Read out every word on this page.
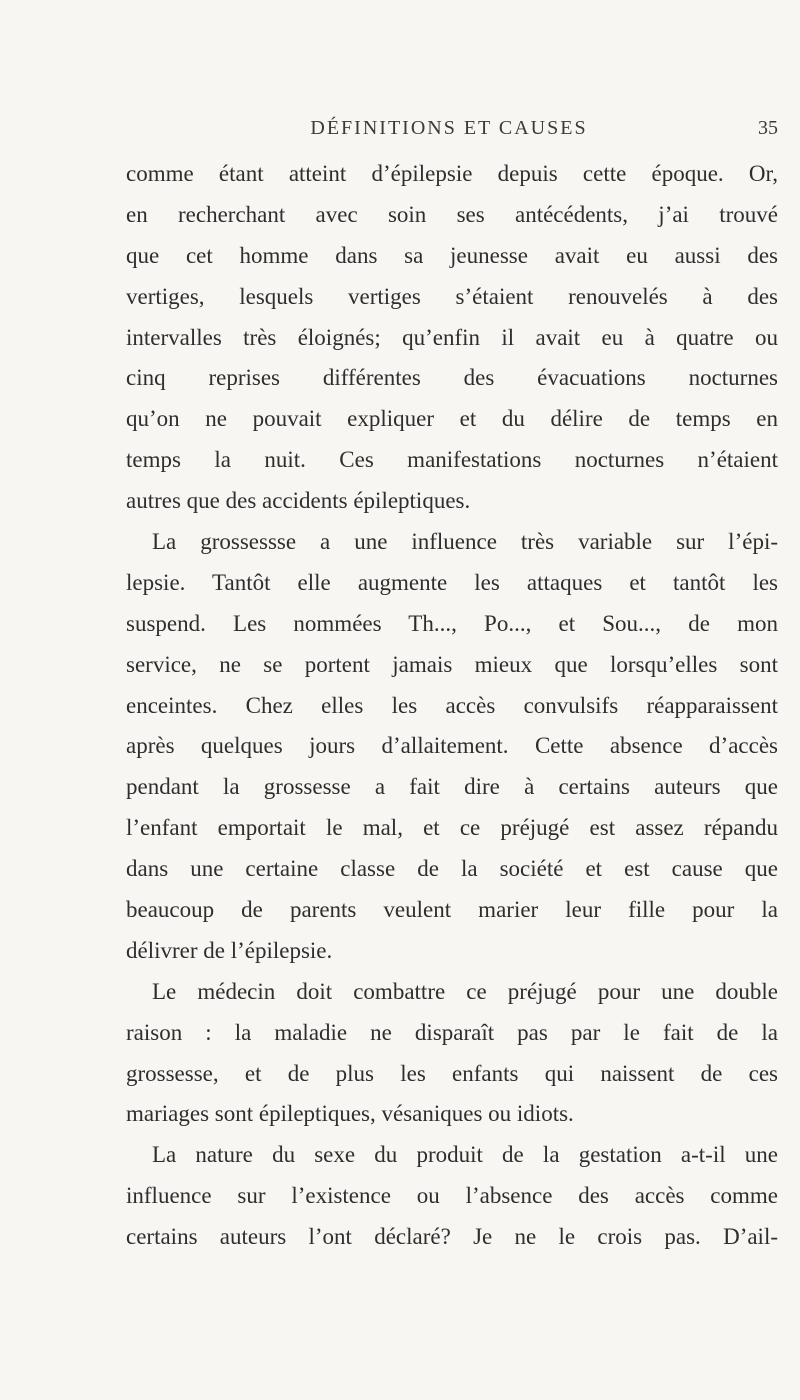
DÉFINITIONS ET CAUSES	35
comme étant atteint d’épilepsie depuis cette époque. Or,
en recherchant avec soin ses antécédents, j’ai trouvé
que cet homme dans sa jeunesse avait eu aussi des
vertiges, lesquels vertiges s’étaient renouvelés à des
intervalles très éloignés; qu’enfin il avait eu à quatre ou
cinq reprises différentes des évacuations nocturnes
qu’on ne pouvait expliquer et du délire de temps en
temps la nuit. Ces manifestations nocturnes n’étaient
autres que des accidents épileptiques.
La grossessse a une influence très variable sur l’épi-
lepsie. Tantôt elle augmente les attaques et tantôt les
suspend. Les nommées Th..., Po..., et Sou..., de mon
service, ne se portent jamais mieux que lorsqu’elles sont
enceintes. Chez elles les accès convulsifs réapparaissent
après quelques jours d’allaitement. Cette absence d’accès
pendant la grossesse a fait dire à certains auteurs que
l’enfant emportait le mal, et ce préjugé est assez répandu
dans une certaine classe de la société et est cause que
beaucoup de parents veulent marier leur fille pour la
délivrer de l’épilepsie.
Le médecin doit combattre ce préjugé pour une double
raison : la maladie ne disparaît pas par le fait de la
grossesse, et de plus les enfants qui naissent de ces
mariages sont épileptiques, vésaniques ou idiots.
La nature du sexe du produit de la gestation a-t-il une
influence sur l’existence ou l’absence des accès comme
certains auteurs l’ont déclaré? Je ne le crois pas. D’ail-
